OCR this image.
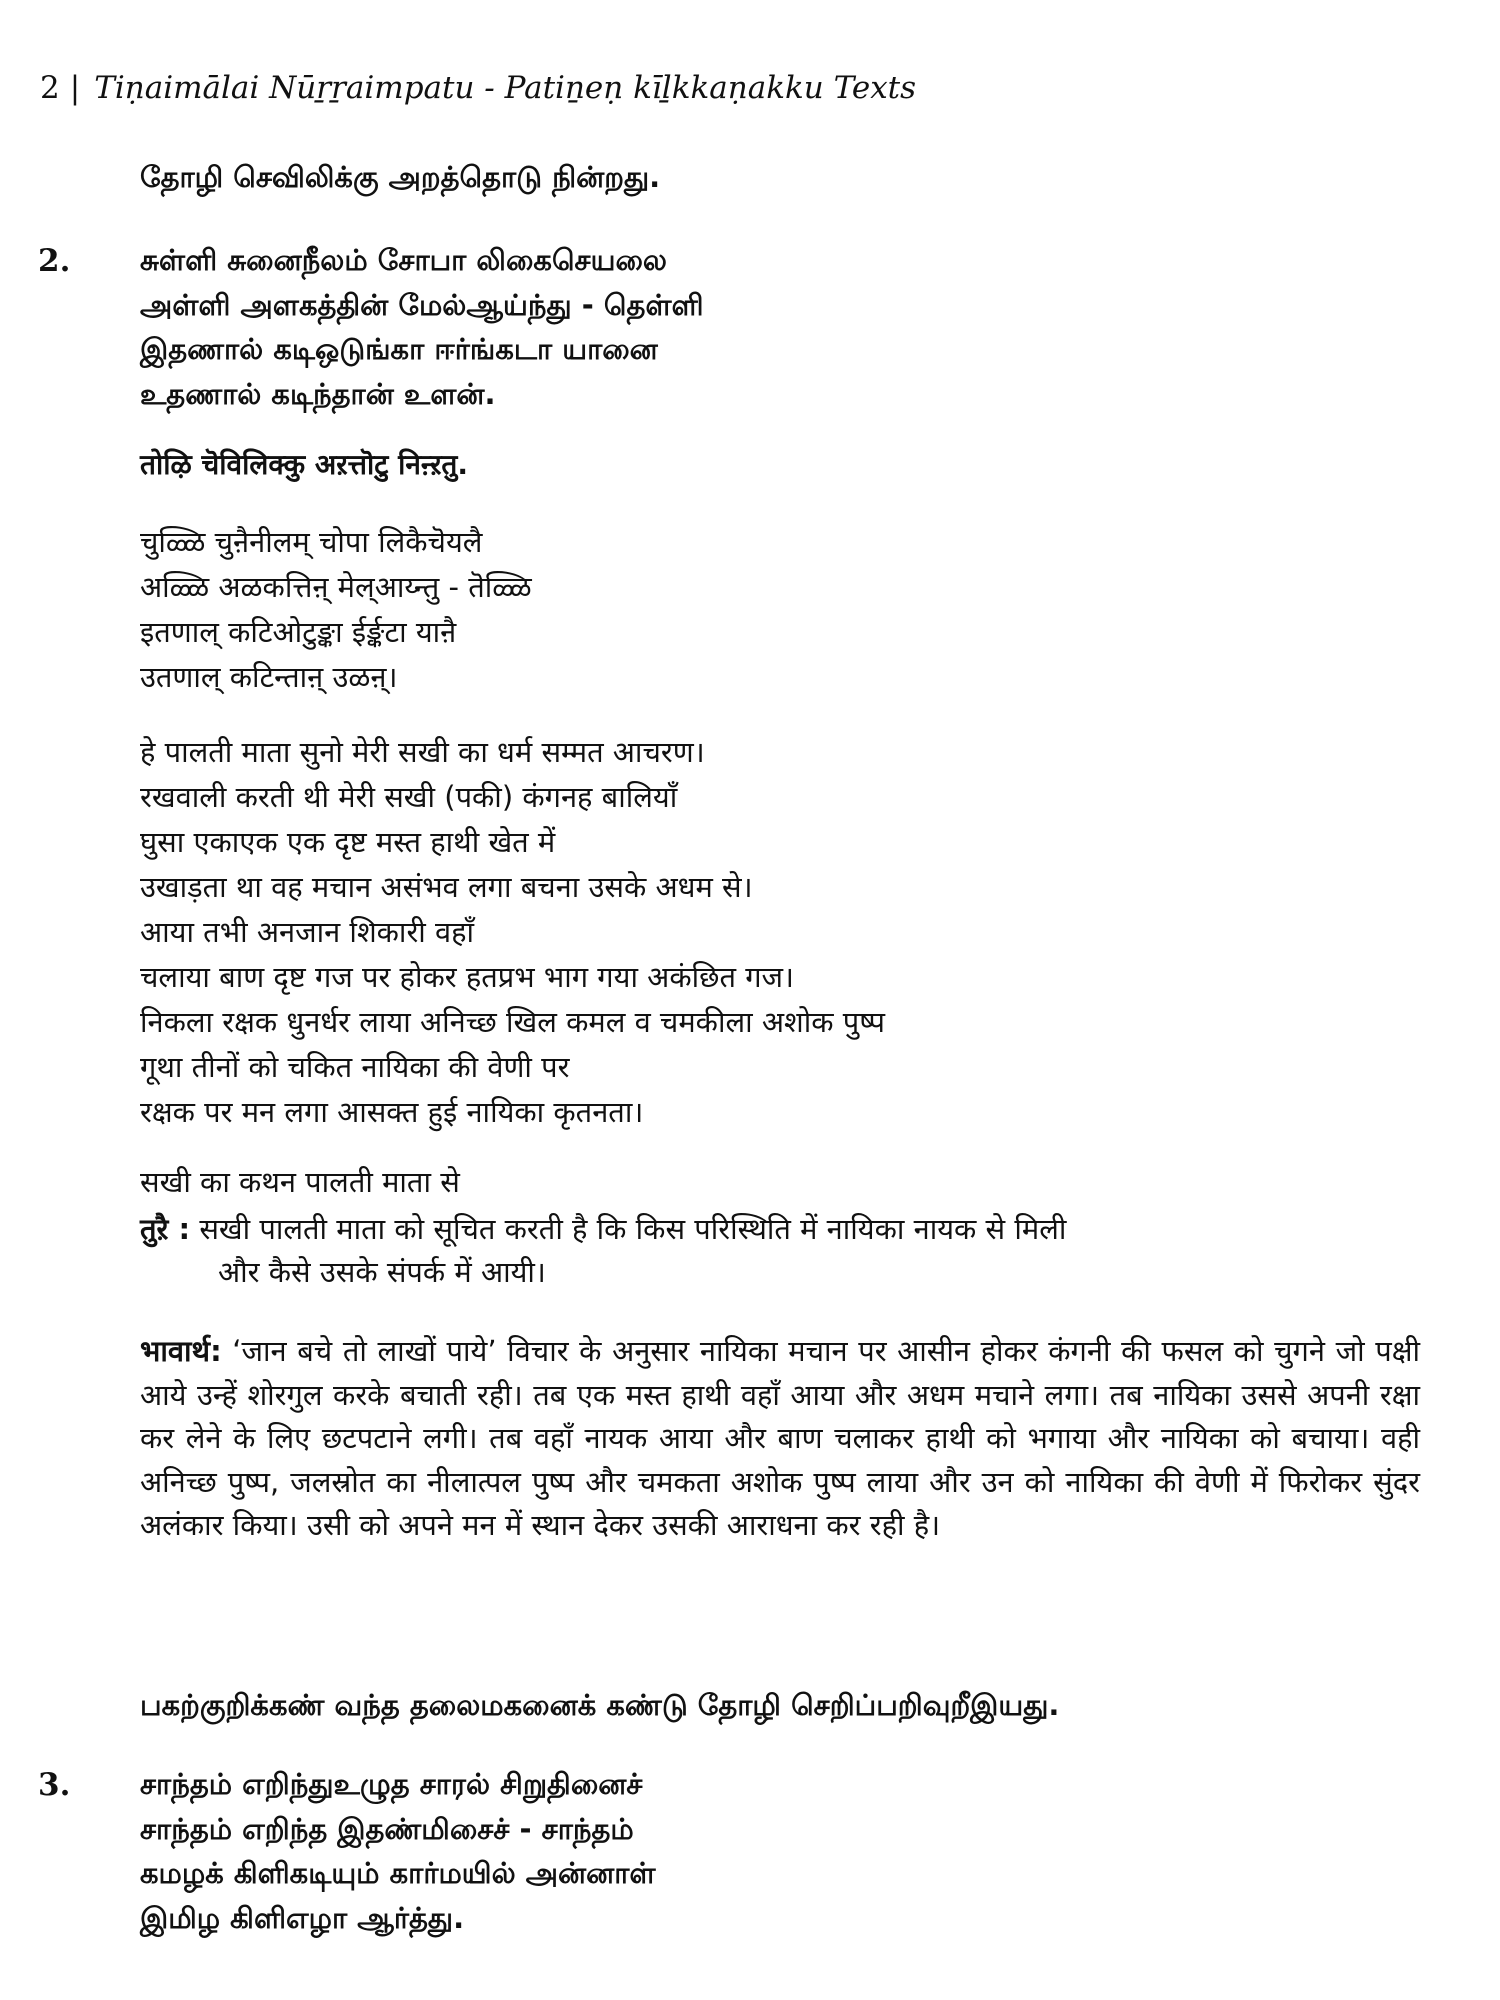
2 | Tiṇaimālai Nūṟṟaimpatu - Patiṉeṇ kīḻkkaṇakku Texts
தோழி செவிலிக்கு அறத்தொடு நின்றது.
2. சுள்ளி சுனைநீலம் சோபா லிகைசெயலை
அள்ளி அளகத்தின் மேல்ஆய்ந்து - தெள்ளி
இதணால் கடிஒடுங்கா ஈர்ங்கடா யானை
உதணால் கடிந்தான் உளன்.
तोऴि चॆविलिक्कु अऱत्तॊटु निऩ्ऱतु.
चुळ्ळि चुऩैनीलम् चोपा लिकैचॆयलै
अळ्ळि अळकत्तिऩ् मेल्आय्न्तु - तॆळ्ळि
इतणाल् कटिओटुङ्का ईर्ङ्कटा याऩै
उतणाल् कटिन्ताऩ् उळऩ्।
हे पालती माता सुनो मेरी सखी का धर्म सम्मत आचरण।
रखवाली करती थी मेरी सखी (पकी) कंगनह बालियाँ
घुसा एकाएक एक दृष्ट मस्त हाथी खेत में
उखाड़ता था वह मचान असंभव लगा बचना उसके अधम से।
आया तभी अनजान शिकारी वहाँ
चलाया बाण दृष्ट गज पर होकर हतप्रभ भाग गया अकंछित गज।
निकला रक्षक धुनर्धर लाया अनिच्छ खिल कमल व चमकीला अशोक पुष्प
गूथा तीनों को चकित नायिका की वेणी पर
रक्षक पर मन लगा आसक्त हुई नायिका कृतनता।
सखी का कथन पालती माता से
तुऱै : सखी पालती माता को सूचित करती है कि किस परिस्थिति में नायिका नायक से मिली
और कैसे उसके संपर्क में आयी।
भावार्थ: ‘जान बचे तो लाखों पाये’ विचार के अनुसार नायिका मचान पर आसीन होकर कंगनी की फसल को चुगने जो पक्षी आये उन्हें शोरगुल करके बचाती रही। तब एक मस्त हाथी वहाँ आया और अधम मचाने लगा। तब नायिका उससे अपनी रक्षा कर लेने के लिए छटपटाने लगी। तब वहाँ नायक आया और बाण चलाकर हाथी को भगाया और नायिका को बचाया। वही अनिच्छ पुष्प, जलस्रोत का नीलात्पल पुष्प और चमकता अशोक पुष्प लाया और उन को नायिका की वेणी में फिरोकर सुंदर अलंकार किया। उसी को अपने मन में स्थान देकर उसकी आराधना कर रही है।
பகற்குறிக்கண் வந்த தலைமகனைக் கண்டு தோழி செறிப்பறிவுறீஇயது.
3. சாந்தம் எறிந்துஉழுத சாரல் சிறுதினைச்
சாந்தம் எறிந்த இதண்மிசைச் - சாந்தம்
கமழக் கிளிகடியும் கார்மயில் அன்னாள்
இமிழ கிளிஎழா ஆர்த்து.
